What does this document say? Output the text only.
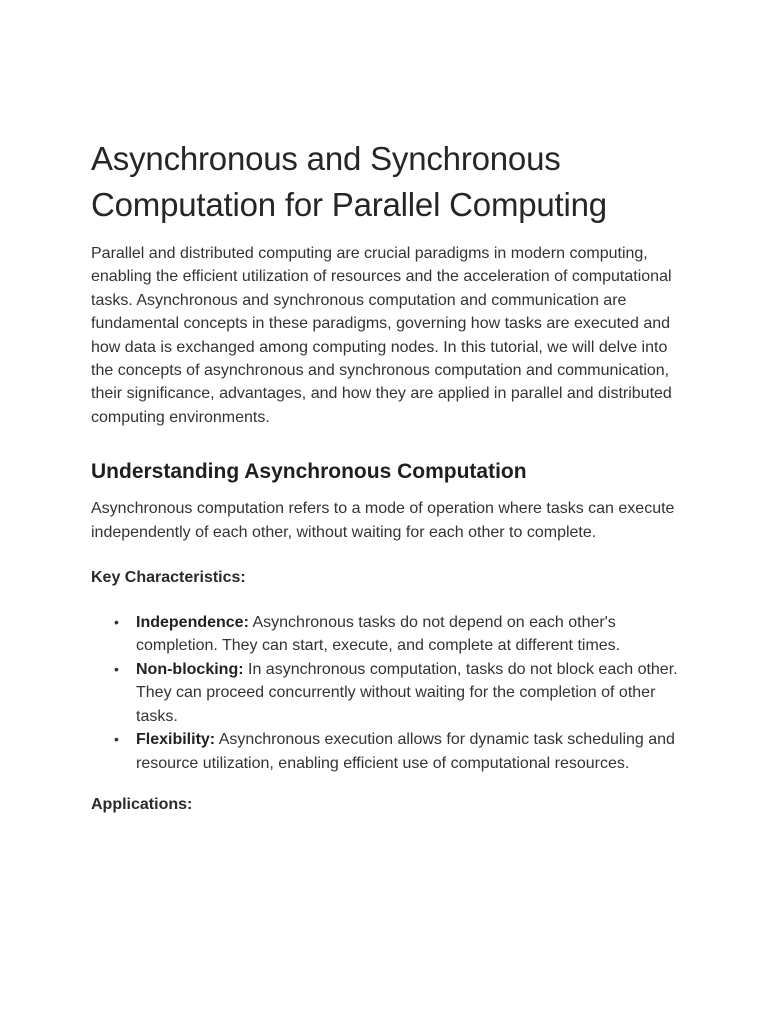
Asynchronous and Synchronous Computation for Parallel Computing

Parallel and distributed computing are crucial paradigms in modern computing, enabling the efficient utilization of resources and the acceleration of computational tasks. Asynchronous and synchronous computation and communication are fundamental concepts in these paradigms, governing how tasks are executed and how data is exchanged among computing nodes. In this tutorial, we will delve into the concepts of asynchronous and synchronous computation and communication, their significance, advantages, and how they are applied in parallel and distributed computing environments.

Understanding Asynchronous Computation

Asynchronous computation refers to a mode of operation where tasks can execute independently of each other, without waiting for each other to complete.

Key Characteristics:

• Independence: Asynchronous tasks do not depend on each other's completion. They can start, execute, and complete at different times.
• Non-blocking: In asynchronous computation, tasks do not block each other. They can proceed concurrently without waiting for the completion of other tasks.
• Flexibility: Asynchronous execution allows for dynamic task scheduling and resource utilization, enabling efficient use of computational resources.

Applications:
